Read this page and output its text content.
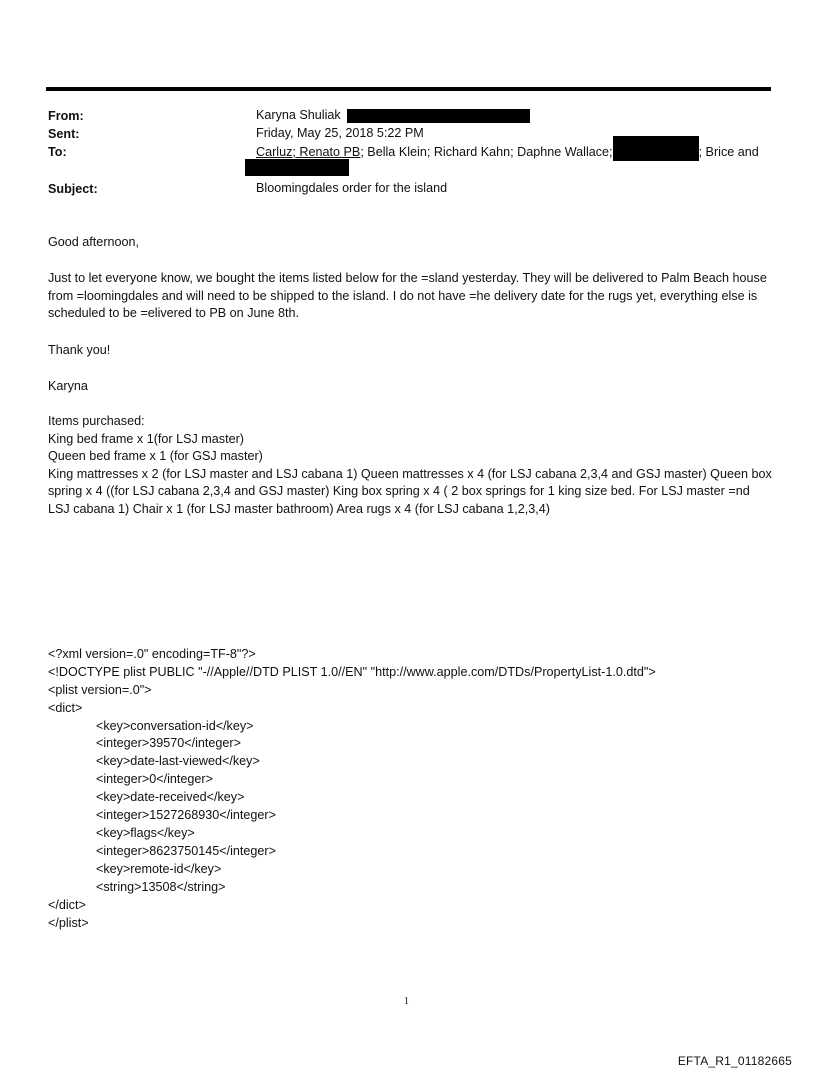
From:	Karyna Shuliak
Sent:	Friday, May 25, 2018 5:22 PM
To:	Carluz; Renato PB; Bella Klein; Richard Kahn; Daphne Wallace;	; Brice and
Subject:	Bloomingdales order for the island
Good afternoon,
Just to let everyone know, we bought the items listed below for the =sland yesterday. They will be delivered to Palm Beach house from =loomingdales and will need to be shipped to the island. I do not have =he delivery date for the rugs yet, everything else is scheduled to be =elivered to PB on June 8th.
Thank you!
Karyna

Items purchased:

King bed frame x 1(for LSJ master)

Queen bed frame x 1 (for GSJ master)

King mattresses x 2 (for LSJ master and LSJ cabana 1) Queen mattresses x 4 (for LSJ cabana 2,3,4 and GSJ master) Queen box spring x 4 ((for LSJ cabana 2,3,4 and GSJ master) King box spring x 4 ( 2 box springs for 1 king size bed. For LSJ master =nd LSJ cabana 1) Chair x 1 (for LSJ master bathroom) Area rugs x 4 (for LSJ cabana 1,2,3,4)

<?xml version=.0" encoding=TF-8"?>
<!DOCTYPE plist PUBLIC "-//Apple//DTD PLIST 1.0//EN" "http://www.apple.com/DTDs/PropertyList-1.0.dtd">
<plist version=.0">
<dict>
<key>conversation-id</key>
<integer>39570</integer>
<key>date-last-viewed</key>
<integer>0</integer>
<key>date-received</key>
<integer>1527268930</integer>
<key>flags</key>
<integer>8623750145</integer>
<key>remote-id</key>
<string>13508</string>
</dict>
</plist>

1
EFTA_R1_01182665
